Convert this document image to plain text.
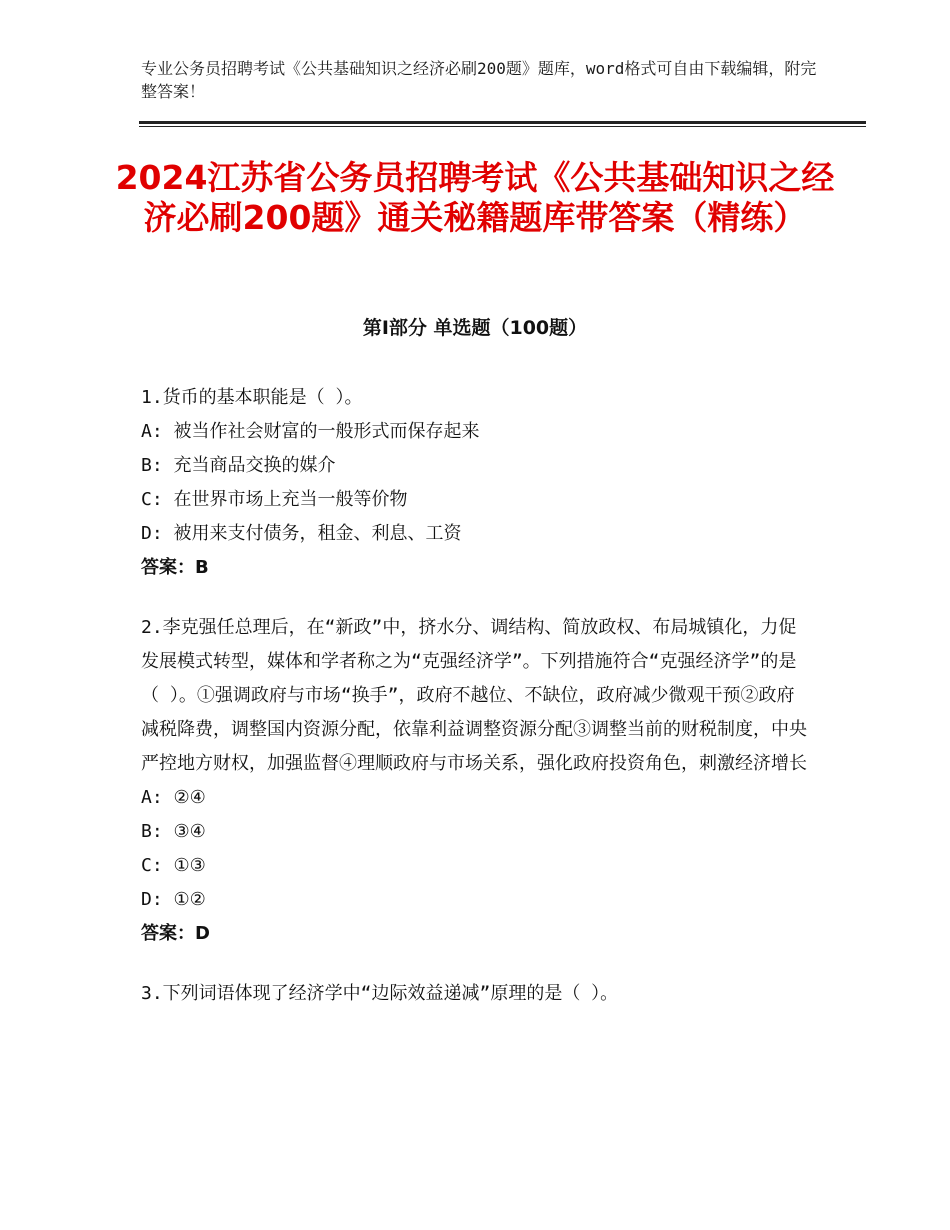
专业公务员招聘考试《公共基础知识之经济必刷200题》题库，word格式可自由下载编辑，附完整答案！
2024江苏省公务员招聘考试《公共基础知识之经济必刷200题》通关秘籍题库带答案（精练）
第Ⅰ部分 单选题（100题）

1.货币的基本职能是（ ）。

A: 被当作社会财富的一般形式而保存起来

B: 充当商品交换的媒介

C: 在世界市场上充当一般等价物

D: 被用来支付债务，租金、利息、工资

答案：B

2.李克强任总理后，在“新政”中，挤水分、调结构、简放政权、布局城镇化，力促发展模式转型，媒体和学者称之为“克强经济学”。下列措施符合“克强经济学”的是（ ）。①强调政府与市场“换手”，政府不越位、不缺位，政府减少微观干预②政府减税降费，调整国内资源分配，依靠利益调整资源分配③调整当前的财税制度，中央严控地方财权，加强监督④理顺政府与市场关系，强化政府投资角色，刺激经济增长

A: ②④

B: ③④

C: ①③

D: ①②

答案：D

3.下列词语体现了经济学中“边际效益递减”原理的是（ ）。
